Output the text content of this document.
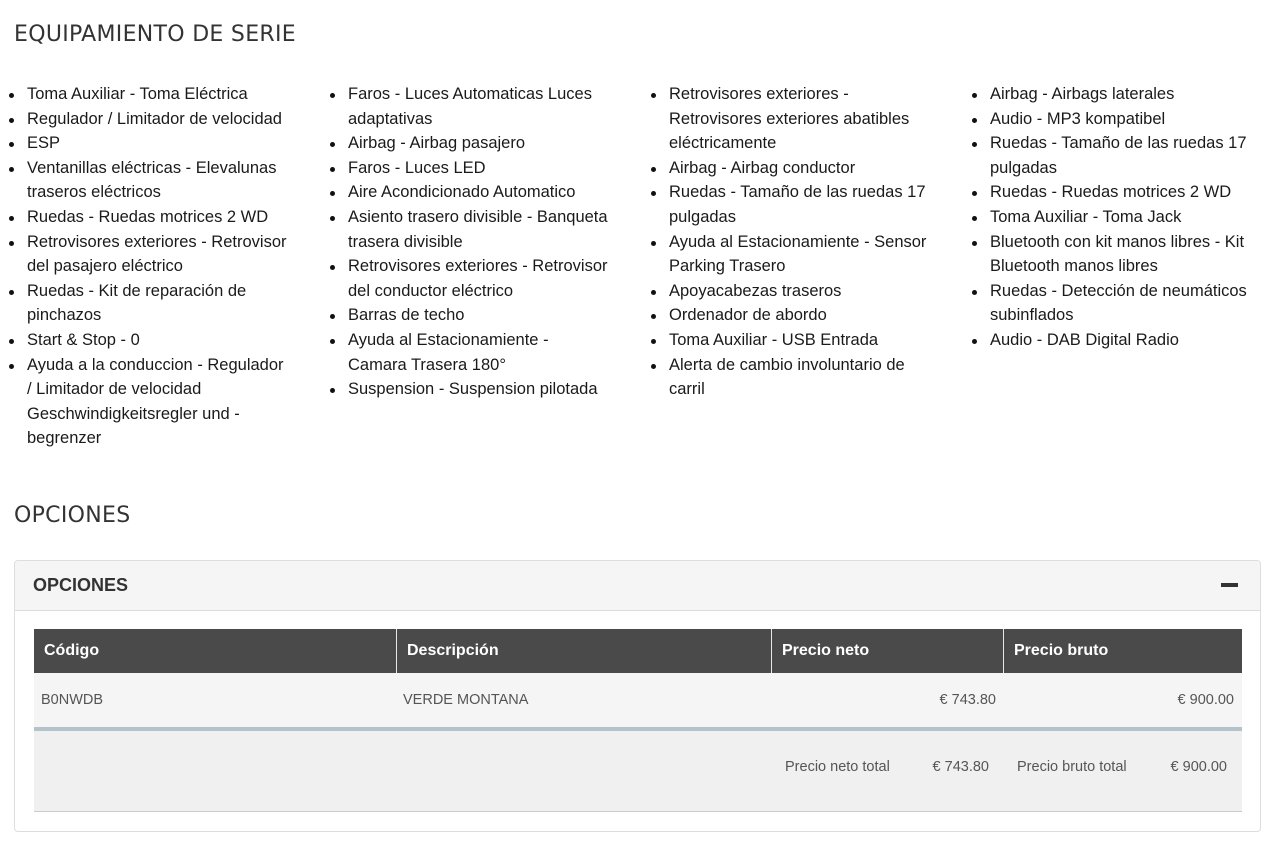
EQUIPAMIENTO DE SERIE
Toma Auxiliar - Toma Eléctrica
Regulador / Limitador de velocidad
ESP
Ventanillas eléctricas - Elevalunas traseros eléctricos
Ruedas - Ruedas motrices 2 WD
Retrovisores exteriores - Retrovisor del pasajero eléctrico
Ruedas - Kit de reparación de pinchazos
Start & Stop - 0
Ayuda a la conduccion - Regulador / Limitador de velocidad Geschwindigkeitsregler und -begrenzer
Faros - Luces Automaticas Luces adaptativas
Airbag - Airbag pasajero
Faros - Luces LED
Aire Acondicionado Automatico
Asiento trasero divisible - Banqueta trasera divisible
Retrovisores exteriores - Retrovisor del conductor eléctrico
Barras de techo
Ayuda al Estacionamiente - Camara Trasera 180°
Suspension - Suspension pilotada
Retrovisores exteriores - Retrovisores exteriores abatibles eléctricamente
Airbag - Airbag conductor
Ruedas - Tamaño de las ruedas 17 pulgadas
Ayuda al Estacionamiente - Sensor Parking Trasero
Apoyacabezas traseros
Ordenador de abordo
Toma Auxiliar - USB Entrada
Alerta de cambio involuntario de carril
Airbag - Airbags laterales
Audio - MP3 kompatibel
Ruedas - Tamaño de las ruedas 17 pulgadas
Ruedas - Ruedas motrices 2 WD
Toma Auxiliar - Toma Jack
Bluetooth con kit manos libres - Kit Bluetooth manos libres
Ruedas - Detección de neumáticos subinflados
Audio - DAB Digital Radio
OPCIONES
OPCIONES
Código	Descripción	Precio neto	Precio bruto
B0NWDB	VERDE MONTANA	€ 743.80	€ 900.00
Precio neto total	€ 743.80 Precio bruto total	€ 900.00
